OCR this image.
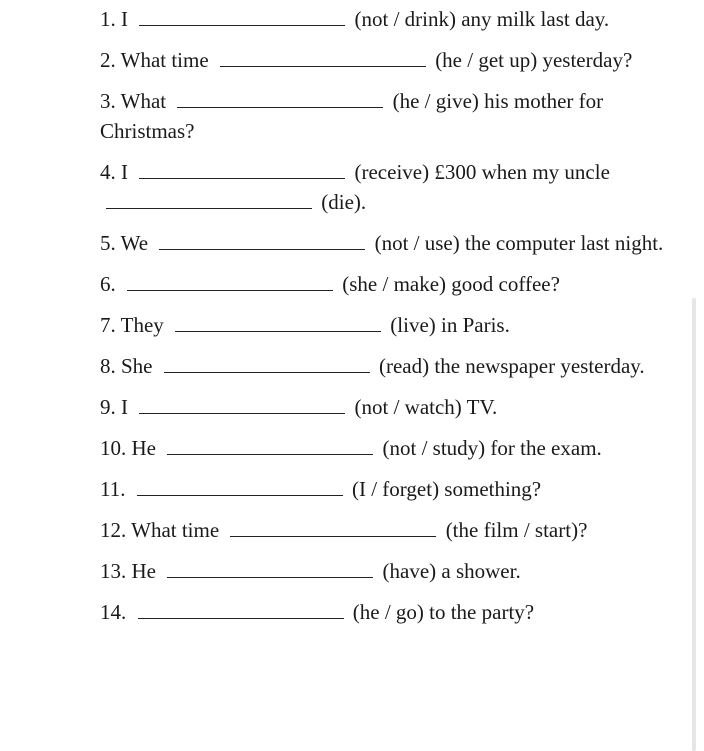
1. I	(not / drink) any milk last day.
2. What time	(he / get up) yesterday?
3. What	(he / give) his mother for Christmas?
4. I	(receive) £300 when my uncle  (die).
5. We	(not / use) the computer last night.
6.	(she / make) good coffee?
7. They	(live) in Paris.
8. She	(read) the newspaper yesterday.
9. I	(not / watch) TV.
10. He	(not / study) for the exam.
11.	(I / forget) something?
12. What time	(the film / start)?
13. He	(have) a shower.
14.	(he / go) to the party?
